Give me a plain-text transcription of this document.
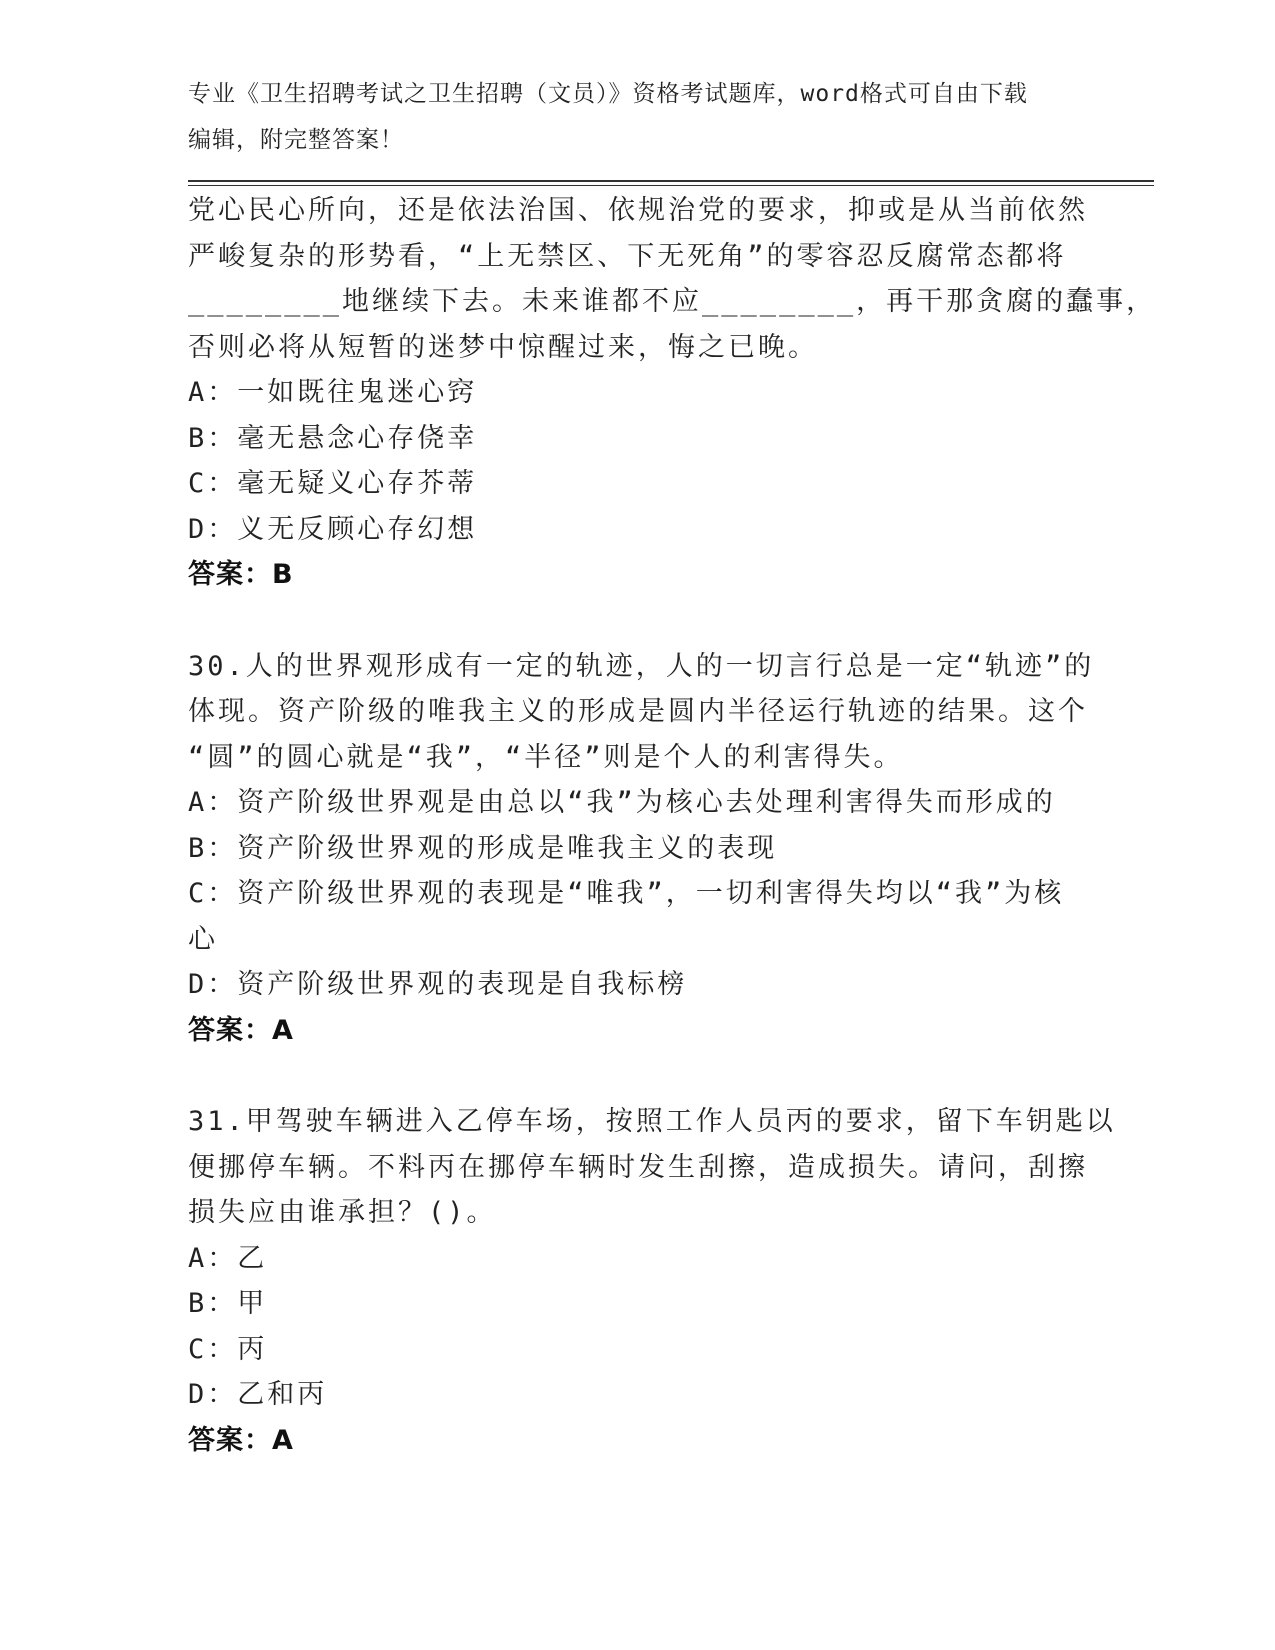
专业《卫生招聘考试之卫生招聘（文员）》资格考试题库，word格式可自由下载
编辑，附完整答案！
党心民心所向，还是依法治国、依规治党的要求，抑或是从当前依然
严峻复杂的形势看，“上无禁区、下无死角”的零容忍反腐常态都将
________地继续下去。未来谁都不应________，再干那贪腐的蠢事，
否则必将从短暂的迷梦中惊醒过来，悔之已晚。
A：一如既往鬼迷心窍
B：毫无悬念心存侥幸
C：毫无疑义心存芥蒂
D：义无反顾心存幻想
答案：B
30.人的世界观形成有一定的轨迹，人的一切言行总是一定“轨迹”的
体现。资产阶级的唯我主义的形成是圆内半径运行轨迹的结果。这个
“圆”的圆心就是“我”，“半径”则是个人的利害得失。
A：资产阶级世界观是由总以“我”为核心去处理利害得失而形成的
B：资产阶级世界观的形成是唯我主义的表现
C：资产阶级世界观的表现是“唯我”，一切利害得失均以“我”为核
心
D：资产阶级世界观的表现是自我标榜
答案：A
31.甲驾驶车辆进入乙停车场，按照工作人员丙的要求，留下车钥匙以
便挪停车辆。不料丙在挪停车辆时发生刮擦，造成损失。请问，刮擦
损失应由谁承担？()。
A：乙
B：甲
C：丙
D：乙和丙
答案：A
